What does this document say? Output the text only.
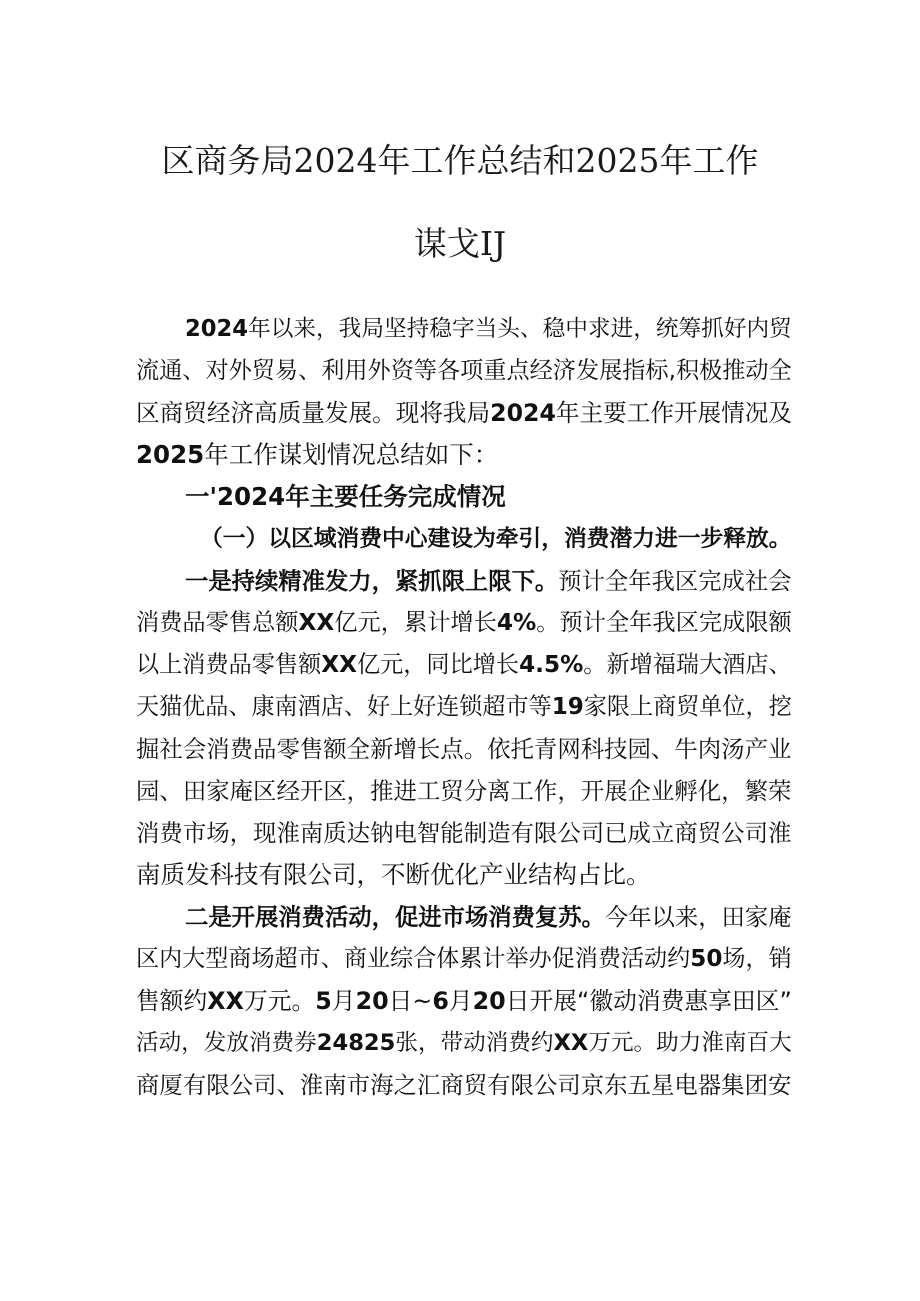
区商务局2024年工作总结和2025年工作
谋戈IJ
2024年以来，我局坚持稳字当头、稳中求进，统筹抓好内贸
流通、对外贸易、利用外资等各项重点经济发展指标,积极推动全
区商贸经济高质量发展。现将我局2024年主要工作开展情况及
2025年工作谋划情况总结如下：
一'2024年主要任务完成情况
（一）以区域消费中心建设为牵引，消费潜力进一步释放。
一是持续精准发力，紧抓限上限下。预计全年我区完成社会
消费品零售总额XX亿元，累计增长4%。预计全年我区完成限额
以上消费品零售额XX亿元，同比增长4.5%。新增福瑞大酒店、
天猫优品、康南酒店、好上好连锁超市等19家限上商贸单位，挖
掘社会消费品零售额全新增长点。依托青网科技园、牛肉汤产业
园、田家庵区经开区，推进工贸分离工作，开展企业孵化，繁荣
消费市场，现淮南质达钠电智能制造有限公司已成立商贸公司淮
南质发科技有限公司，不断优化产业结构占比。
二是开展消费活动，促进市场消费复苏。今年以来，田家庵
区内大型商场超市、商业综合体累计举办促消费活动约50场，销
售额约XX万元。5月20日~6月20日开展“徽动消费惠享田区”
活动，发放消费券24825张，带动消费约XX万元。助力淮南百大
商厦有限公司、淮南市海之汇商贸有限公司京东五星电器集团安
